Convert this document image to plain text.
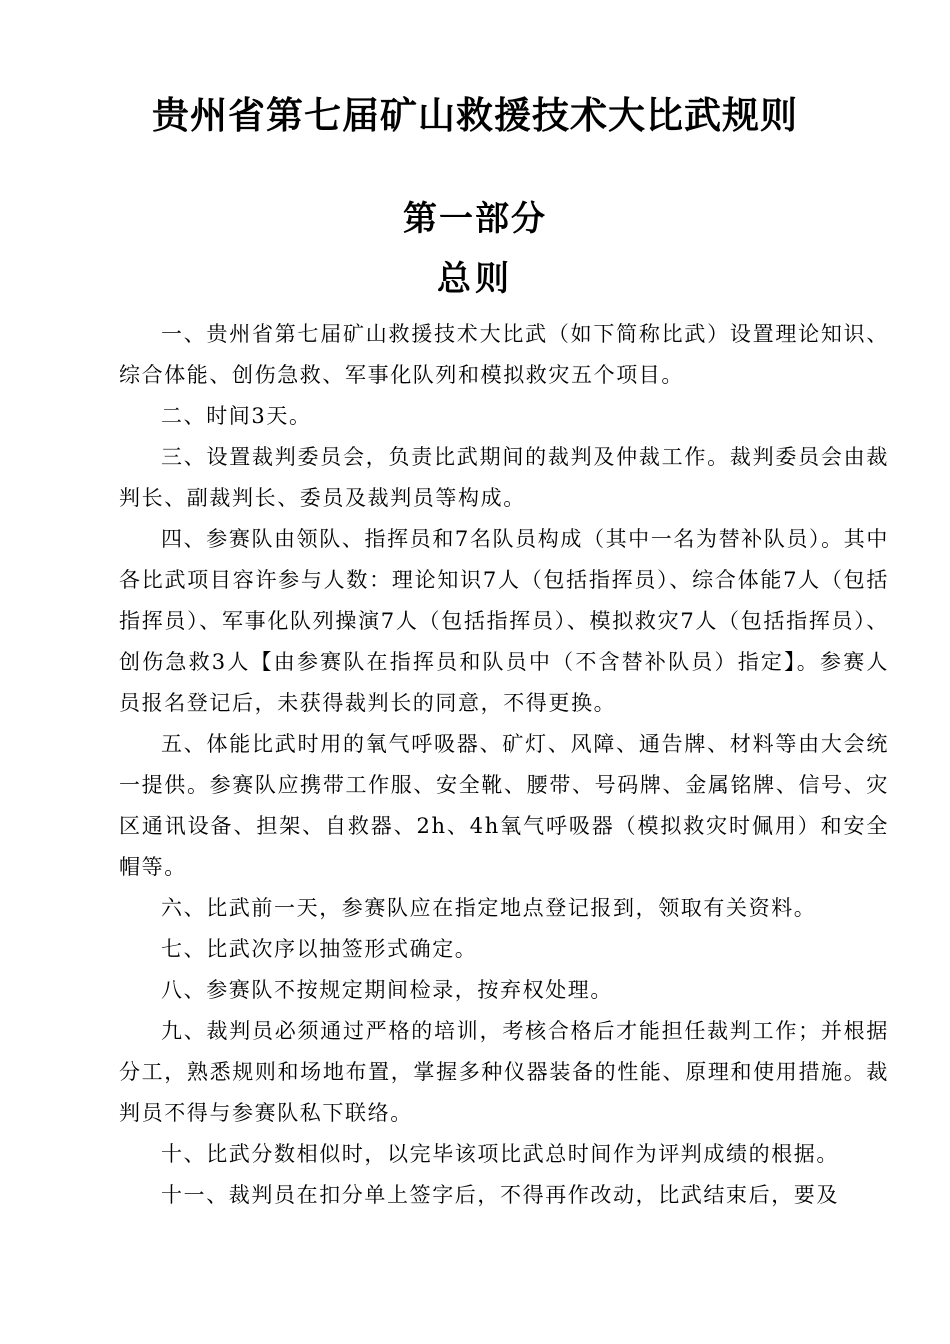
贵州省第七届矿山救援技术大比武规则
第一部分
总则

一、贵州省第七届矿山救援技术大比武（如下简称比武）设置理论知识、综合体能、创伤急救、军事化队列和模拟救灾五个项目。

二、时间3天。

三、设置裁判委员会，负责比武期间的裁判及仲裁工作。裁判委员会由裁判长、副裁判长、委员及裁判员等构成。

四、参赛队由领队、指挥员和7名队员构成（其中一名为替补队员）。其中各比武项目容许参与人数：理论知识7人（包括指挥员）、综合体能7人（包括指挥员）、军事化队列操演7人（包括指挥员）、模拟救灾7人（包括指挥员）、创伤急救3人【由参赛队在指挥员和队员中（不含替补队员）指定】。参赛人员报名登记后，未获得裁判长的同意，不得更换。

五、体能比武时用的氧气呼吸器、矿灯、风障、通告牌、材料等由大会统一提供。参赛队应携带工作服、安全靴、腰带、号码牌、金属铭牌、信号、灾区通讯设备、担架、自救器、2h、4h氧气呼吸器（模拟救灾时佩用）和安全帽等。

六、比武前一天，参赛队应在指定地点登记报到，领取有关资料。

七、比武次序以抽签形式确定。

八、参赛队不按规定期间检录，按弃权处理。

九、裁判员必须通过严格的培训，考核合格后才能担任裁判工作；并根据分工，熟悉规则和场地布置，掌握多种仪器装备的性能、原理和使用措施。裁判员不得与参赛队私下联络。

十、比武分数相似时，以完毕该项比武总时间作为评判成绩的根据。

十一、裁判员在扣分单上签字后，不得再作改动，比武结束后，要及
